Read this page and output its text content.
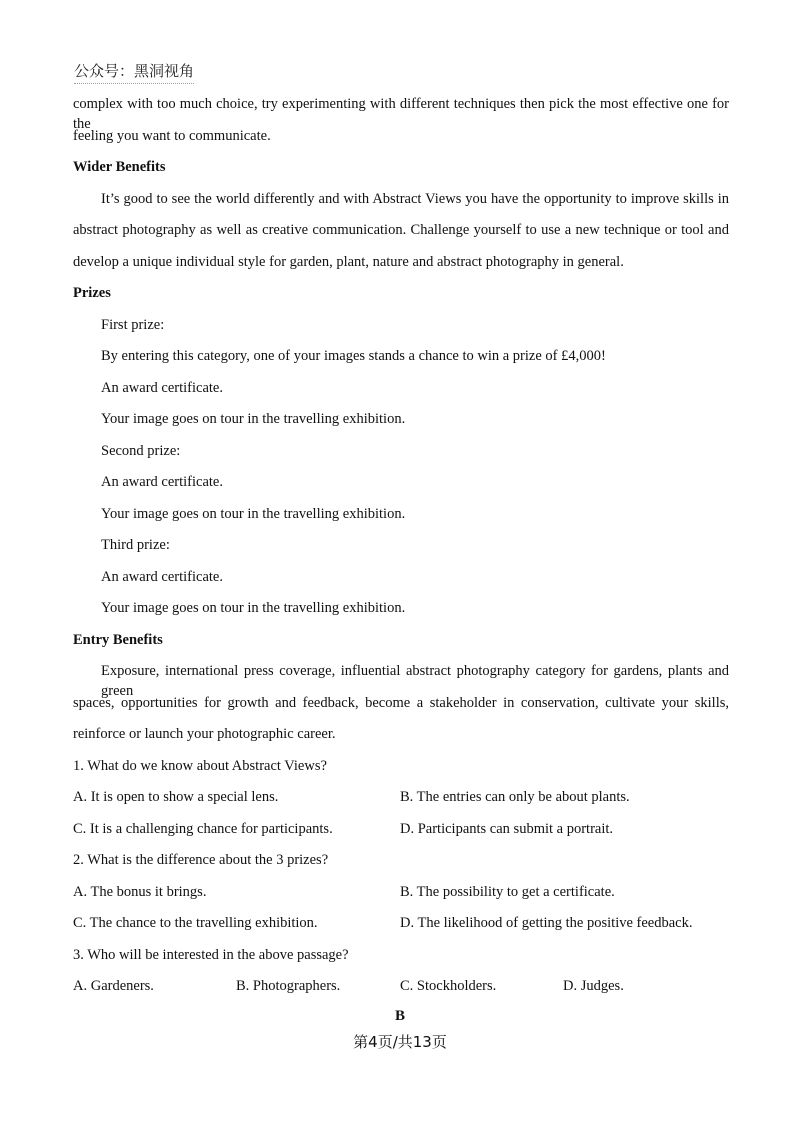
公众号：黑洞视角
complex with too much choice, try experimenting with different techniques then pick the most effective one for the
feeling you want to communicate.
Wider Benefits
It’s good to see the world differently and with Abstract Views you have the opportunity to improve skills in
abstract photography as well as creative communication. Challenge yourself to use a new technique or tool and
develop a unique individual style for garden, plant, nature and abstract photography in general.
Prizes
First prize:
By entering this category, one of your images stands a chance to win a prize of £4,000!
An award certificate.
Your image goes on tour in the travelling exhibition.
Second prize:
An award certificate.
Your image goes on tour in the travelling exhibition.
Third prize:
An award certificate.
Your image goes on tour in the travelling exhibition.
Entry Benefits
Exposure, international press coverage, influential abstract photography category for gardens, plants and green
spaces, opportunities for growth and feedback, become a stakeholder in conservation, cultivate your skills,
reinforce or launch your photographic career.
1. What do we know about Abstract Views?
A. It is open to show a special lens.	B. The entries can only be about plants.
C. It is a challenging chance for participants.	D. Participants can submit a portrait.
2. What is the difference about the 3 prizes?
A. The bonus it brings.	B. The possibility to get a certificate.
C. The chance to the travelling exhibition.	D. The likelihood of getting the positive feedback.
3. Who will be interested in the above passage?
A. Gardeners.	B. Photographers.	C. Stockholders.	D. Judges.
B
第4页/共13页
